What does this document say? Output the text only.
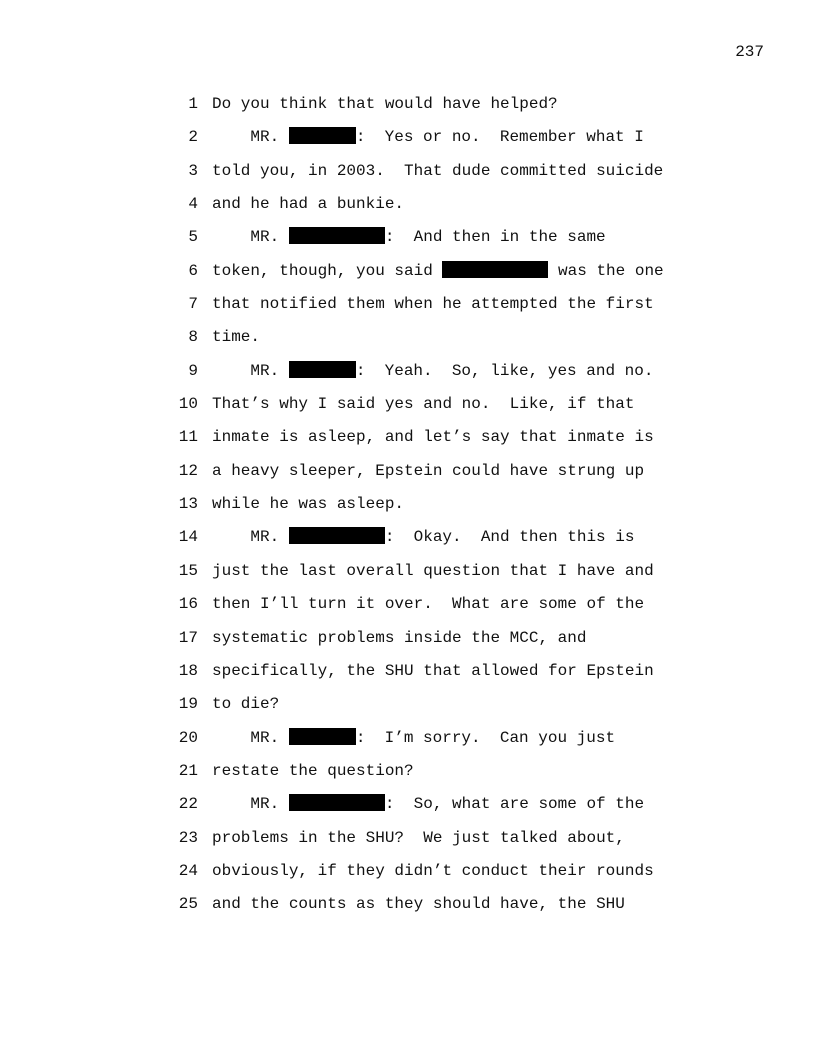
237
1 Do you think that would have helped?
2 MR.	:  Yes or no.  Remember what I
3 told you, in 2003.  That dude committed suicide
4 and he had a bunkie.
5 MR.	:  And then in the same
6 token, though, you said	was the one
7 that notified them when he attempted the first
8 time.
9 MR.	:  Yeah.  So, like, yes and no.
10 That’s why I said yes and no.  Like, if that
11 inmate is asleep, and let’s say that inmate is
12 a heavy sleeper, Epstein could have strung up
13 while he was asleep.
14 MR.	:  Okay.  And then this is
15 just the last overall question that I have and
16 then I’ll turn it over.  What are some of the
17 systematic problems inside the MCC, and
18 specifically, the SHU that allowed for Epstein
19 to die?
20 MR.	:  I’m sorry.  Can you just
21 restate the question?
22 MR.	:  So, what are some of the
23 problems in the SHU?  We just talked about,
24 obviously, if they didn’t conduct their rounds
25 and the counts as they should have, the SHU
